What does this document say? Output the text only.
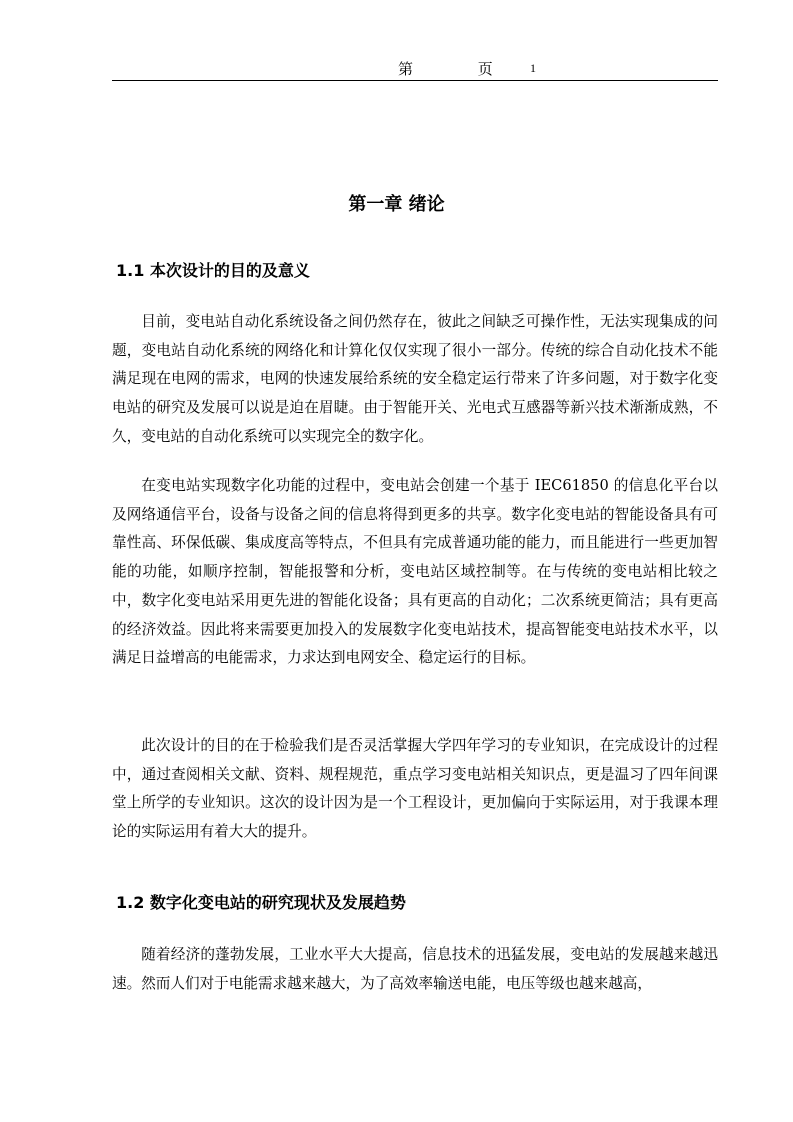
第 页 1
第一章 绪论
1.1 本次设计的目的及意义

目前，变电站自动化系统设备之间仍然存在，彼此之间缺乏可操作性，无法实现集成的问题，变电站自动化系统的网络化和计算化仅仅实现了很小一部分。传统的综合自动化技术不能满足现在电网的需求，电网的快速发展给系统的安全稳定运行带来了许多问题，对于数字化变电站的研究及发展可以说是迫在眉睫。由于智能开关、光电式互感器等新兴技术渐渐成熟，不久，变电站的自动化系统可以实现完全的数字化。

在变电站实现数字化功能的过程中，变电站会创建一个基于 IEC61850 的信息化平台以及网络通信平台，设备与设备之间的信息将得到更多的共享。数字化变电站的智能设备具有可靠性高、环保低碳、集成度高等特点，不但具有完成普通功能的能力，而且能进行一些更加智能的功能，如顺序控制，智能报警和分析，变电站区域控制等。在与传统的变电站相比较之中，数字化变电站采用更先进的智能化设备；具有更高的自动化；二次系统更简洁；具有更高的经济效益。因此将来需要更加投入的发展数字化变电站技术，提高智能变电站技术水平，以满足日益增高的电能需求，力求达到电网安全、稳定运行的目标。

此次设计的目的在于检验我们是否灵活掌握大学四年学习的专业知识，在完成设计的过程中，通过查阅相关文献、资料、规程规范，重点学习变电站相关知识点，更是温习了四年间课堂上所学的专业知识。这次的设计因为是一个工程设计，更加偏向于实际运用，对于我课本理论的实际运用有着大大的提升。

1.2 数字化变电站的研究现状及发展趋势

随着经济的蓬勃发展，工业水平大大提高，信息技术的迅猛发展，变电站的发展越来越迅速。然而人们对于电能需求越来越大，为了高效率输送电能，电压等级也越来越高，
